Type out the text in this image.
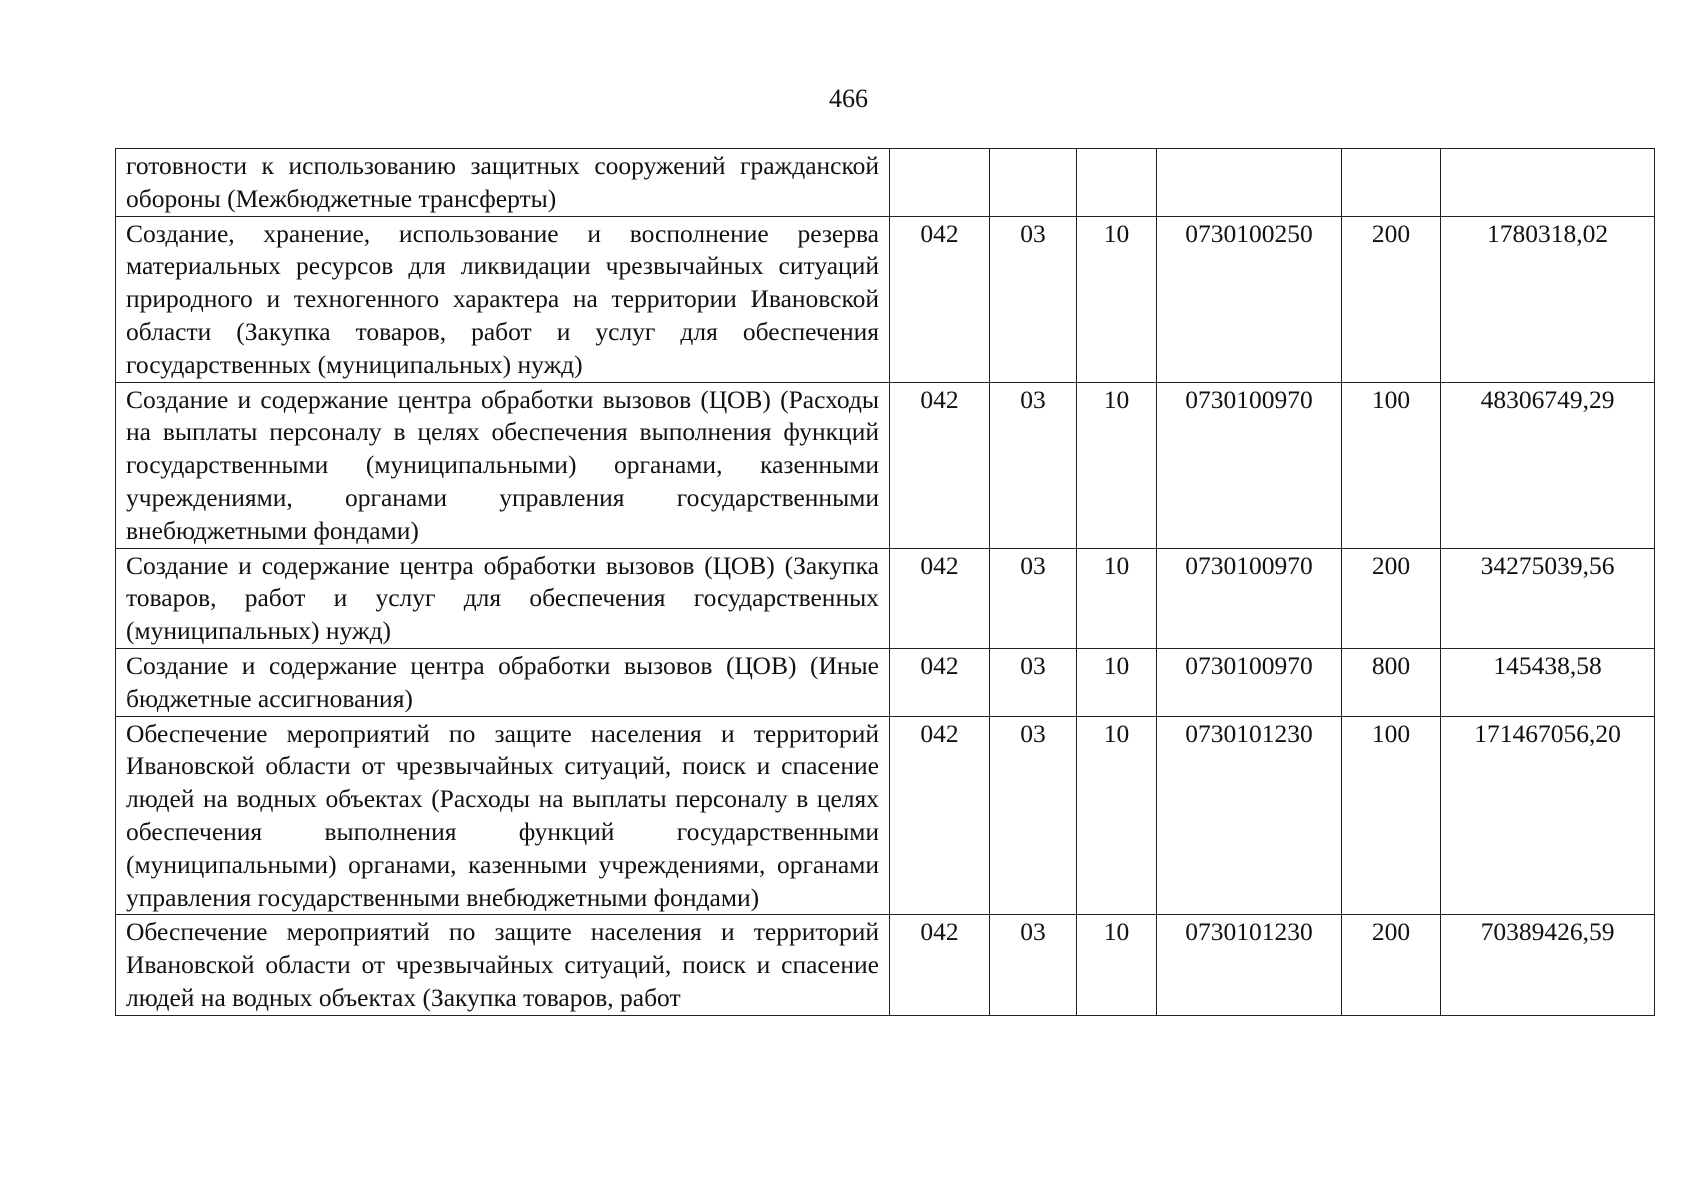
466
готовности к использованию защитных сооружений гражданской обороны (Межбюджетные трансферты)						
Создание, хранение, использование и восполнение резерва материальных ресурсов для ликвидации чрезвычайных ситуаций природного и техногенного характера на территории Ивановской области (Закупка товаров, работ и услуг для обеспечения государственных (муниципальных) нужд)	042	03	10	0730100250	200	1780318,02
Создание и содержание центра обработки вызовов (ЦОВ) (Расходы на выплаты персоналу в целях обеспечения выполнения функций государственными (муниципальными) органами, казенными учреждениями, органами управления государственными внебюджетными фондами)	042	03	10	0730100970	100	48306749,29
Создание и содержание центра обработки вызовов (ЦОВ) (Закупка товаров, работ и услуг для обеспечения государственных (муниципальных) нужд)	042	03	10	0730100970	200	34275039,56
Создание и содержание центра обработки вызовов (ЦОВ) (Иные бюджетные ассигнования)	042	03	10	0730100970	800	145438,58
Обеспечение мероприятий по защите населения и территорий Ивановской области от чрезвычайных ситуаций, поиск и спасение людей на водных объектах (Расходы на выплаты персоналу в целях обеспечения выполнения функций государственными (муниципальными) органами, казенными учреждениями, органами управления государственными внебюджетными фондами)	042	03	10	0730101230	100	171467056,20
Обеспечение мероприятий по защите населения и территорий Ивановской области от чрезвычайных ситуаций, поиск и спасение людей на водных объектах (Закупка товаров, работ	042	03	10	0730101230	200	70389426,59
